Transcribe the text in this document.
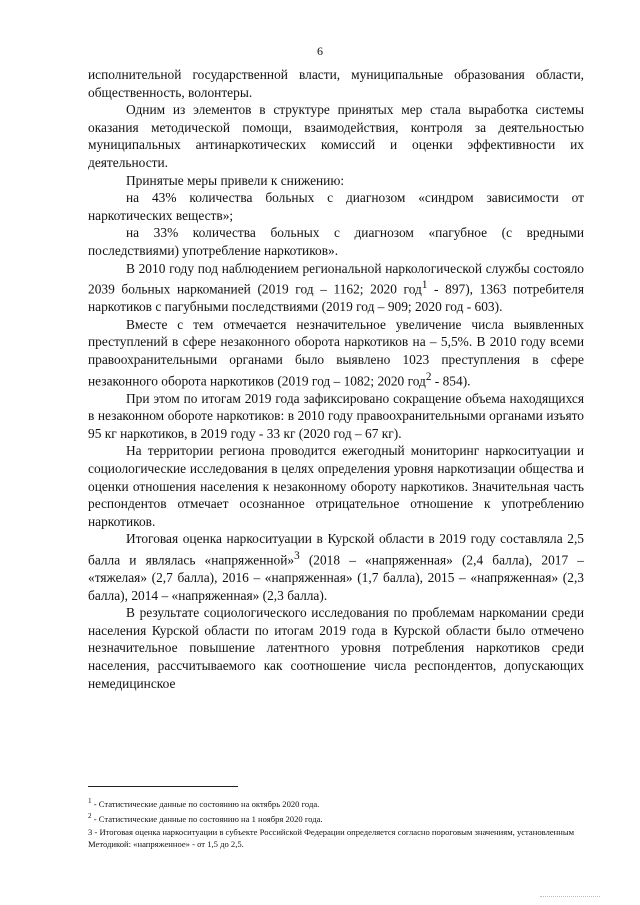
6

исполнительной государственной власти, муниципальные образования области, общественность, волонтеры.

Одним из элементов в структуре принятых мер стала выработка системы оказания методической помощи, взаимодействия, контроля за деятельностью муниципальных антинаркотических комиссий и оценки эффективности их деятельности.

Принятые меры привели к снижению:

на 43% количества больных с диагнозом «синдром зависимости от наркотических веществ»;

на 33% количества больных с диагнозом «пагубное (с вредными последствиями) употребление наркотиков».

В 2010 году под наблюдением региональной наркологической службы состояло 2039 больных наркоманией (2019 год – 1162; 2020 год$^1$ - 897), 1363 потребителя наркотиков с пагубными последствиями (2019 год – 909; 2020 год - 603).

Вместе с тем отмечается незначительное увеличение числа выявленных преступлений в сфере незаконного оборота наркотиков на – 5,5%. В 2010 году всеми правоохранительными органами было выявлено 1023 преступления в сфере незаконного оборота наркотиков (2019 год – 1082; 2020 год$^2$ - 854).

При этом по итогам 2019 года зафиксировано сокращение объема находящихся в незаконном обороте наркотиков: в 2010 году правоохранительными органами изъято 95 кг наркотиков, в 2019 году - 33 кг (2020 год – 67 кг).

На территории региона проводится ежегодный мониторинг наркоситуации и социологические исследования в целях определения уровня наркотизации общества и оценки отношения населения к незаконному обороту наркотиков. Значительная часть респондентов отмечает осознанное отрицательное отношение к употреблению наркотиков.

Итоговая оценка наркоситуации в Курской области в 2019 году составляла 2,5 балла и являлась «напряженной»$^3$ (2018 – «напряженная» (2,4 балла), 2017 – «тяжелая» (2,7 балла), 2016 – «напряженная» (1,7 балла), 2015 – «напряженная» (2,3 балла), 2014 – «напряженная» (2,3 балла).

В результате социологического исследования по проблемам наркомании среди населения Курской области по итогам 2019 года в Курской области было отмечено незначительное повышение латентного уровня потребления наркотиков среди населения, рассчитываемого как соотношение числа респондентов, допускающих немедицинское

$^1$ - Статистические данные по состоянию на октябрь 2020 года.
$^2$ - Статистические данные по состоянию на 1 ноября 2020 года.
3 - Итоговая оценка наркоситуации в субъекте Российской Федерации определяется согласно пороговым значениям, установленным Методикой: «напряженное» - от 1,5 до 2,5.
